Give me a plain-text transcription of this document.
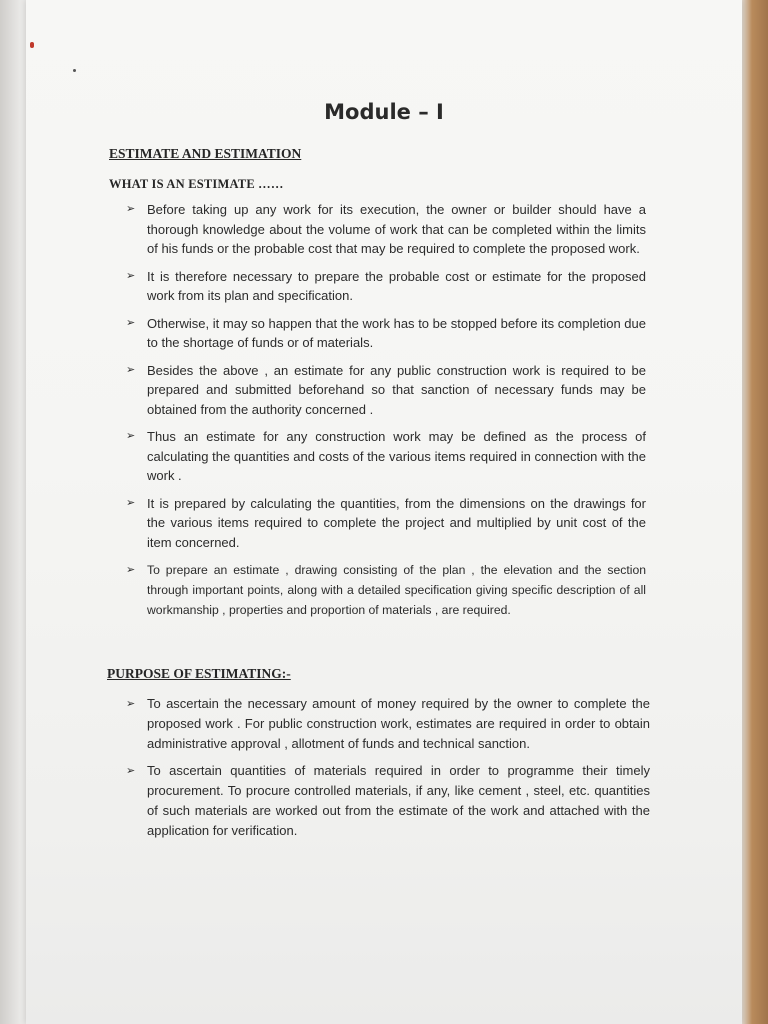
Module – I

ESTIMATE AND ESTIMATION

WHAT IS AN ESTIMATE ……

➢ Before taking up any work for its execution, the owner or builder should have a thorough knowledge about the volume of work that can be completed within the limits of his funds or the probable cost that may be required to complete the proposed work.
➢ It is therefore necessary to prepare the probable cost or estimate for the proposed work from its plan and specification.
➢ Otherwise, it may so happen that the work has to be stopped before its completion due to the shortage of funds or of materials.
➢ Besides the above , an estimate for any public construction work is required to be prepared and submitted beforehand so that sanction of necessary funds may be obtained from the authority concerned .
➢ Thus an estimate for any construction work may be defined as the process of calculating the quantities and costs of the various items required in connection with the work .
➢ It is prepared by calculating the quantities, from the dimensions on the drawings for the various items required to complete the project and multiplied by unit cost of the item concerned.
➢ To prepare an estimate , drawing consisting of the plan , the elevation and the section through important points, along with a detailed specification giving specific description of all workmanship , properties and proportion of materials , are required.

PURPOSE OF ESTIMATING:-

➢ To ascertain the necessary amount of money required by the owner to complete the proposed work . For public construction work, estimates are required in order to obtain administrative approval , allotment of funds and technical sanction.
➢ To ascertain quantities of materials required in order to programme their timely procurement. To procure controlled materials, if any, like cement , steel, etc. quantities of such materials are worked out from the estimate of the work and attached with the application for verification.
